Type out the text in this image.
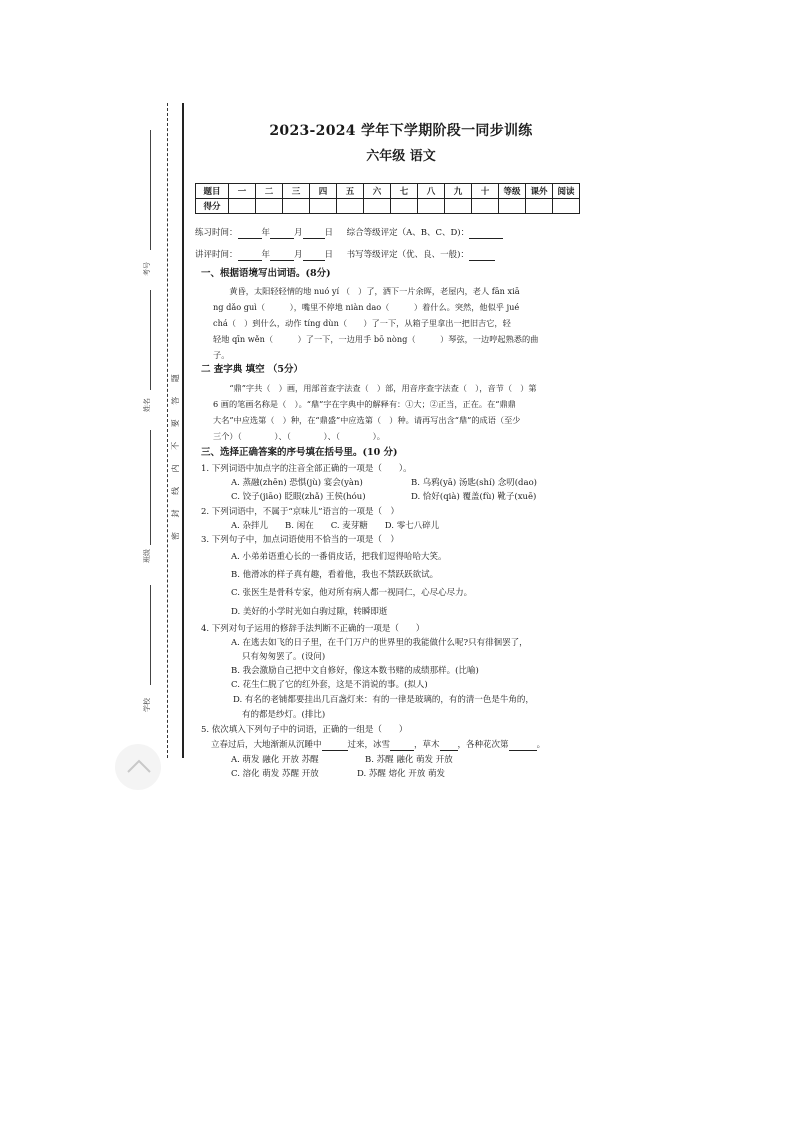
考号
姓名
班级
学校
密 封 线 内 不 要 答 题
2023-2024 学年下学期阶段一同步训练
六年级 语文
题目	一	二	三	四	五	六	七	八	九	十	等级	课外	阅读
得分													
练习时间：	年	月	日 综合等级评定（A、B、C、D)：
讲评时间：	年	月	日 书写等级评定（优、良、一般)：
一、根据语境写出词语。(8分)

　　黄昏，太阳轻轻情的地 nuó yí （　）了，洒下一片余晖，老屋内，老人 fān xiā

ng dǎo guì（　　　），嘴里不停地 niàn dao（　　　）着什么。突然，他似乎 jué

chá（　）到什么，动作 tíng dùn（　　）了一下，从箱子里拿出一把旧吉它，轻

轻地 qīn wěn（　　　）了一下，一边用手 bō nòng（　　　）琴弦，一边哼起熟悉的曲

子。

二 查字典 填空 （5分）

　　“鼎”字共（　）画，用部首查字法查（　）部，用音序查字法查（　），音节（　）第

6 画的笔画名称是（　）。“鼎”字在字典中的解释有：①大；②正当，正在。在“鼎鼎

大名”中应选第（　）种，在“鼎盛”中应选第（　）种。请再写出含“鼎”的成语（至少

三个）（　　　　）、（　　　　）、（　　　　）。

三、选择正确答案的序号填在括号里。(10 分)
1. 下列词语中加点字的注音全部正确的一项是（　　）。
A. 蒸融(zhēn) 恐惧(jù) 宴会(yàn)	B. 乌鸦(yā) 汤匙(shí) 念叨(dao)
C. 饺子(jiāo) 眨眼(zhǎ) 王侯(hóu)	D. 恰好(qià) 覆盖(fù) 靴子(xuē)
2. 下列词语中，不属于“京味儿”语言的一项是（　）
A. 杂拌儿　　B. 闲在　　C. 麦芽糖　　D. 零七八碎儿
3. 下列句子中，加点词语使用不恰当的一项是（　）
A. 小弟弟语重心长的一番俏皮话，把我们逗得哈哈大笑。
B. 他滑冰的样子真有趣，看着他，我也不禁跃跃欲试。
C. 张医生是骨科专家，他对所有病人都一视同仁，心尽心尽力。
D. 美好的小学时光如白驹过隙，转瞬即逝
4. 下列对句子运用的修辞手法判断不正确的一项是（　　）
A. 在逃去如飞的日子里，在千门万户的世界里的我能做什么呢?只有徘徊罢了，
只有匆匆罢了。(设问)
B. 我会激励自己把中文自修好，像这本数书赌的成绩那样。(比喻)
C. 花生仁脱了它的红外套，这是不消说的事。(拟人)
D. 有名的老铺都要挂出几百盏灯来：有的一律是玻璃的，有的清一色是牛角的，
有的都是纱灯。(排比)
5. 依次填入下列句子中的词语，正确的一组是（　　）
立春过后，大地渐渐从沉睡中	过来，冰雪	，草木 ，各种花次第	。
A. 萌发 融化 开放 苏醒	B. 苏醒 融化 萌发 开放
C. 溶化 萌发 苏醒 开放	D. 苏醒 熔化 开放 萌发
